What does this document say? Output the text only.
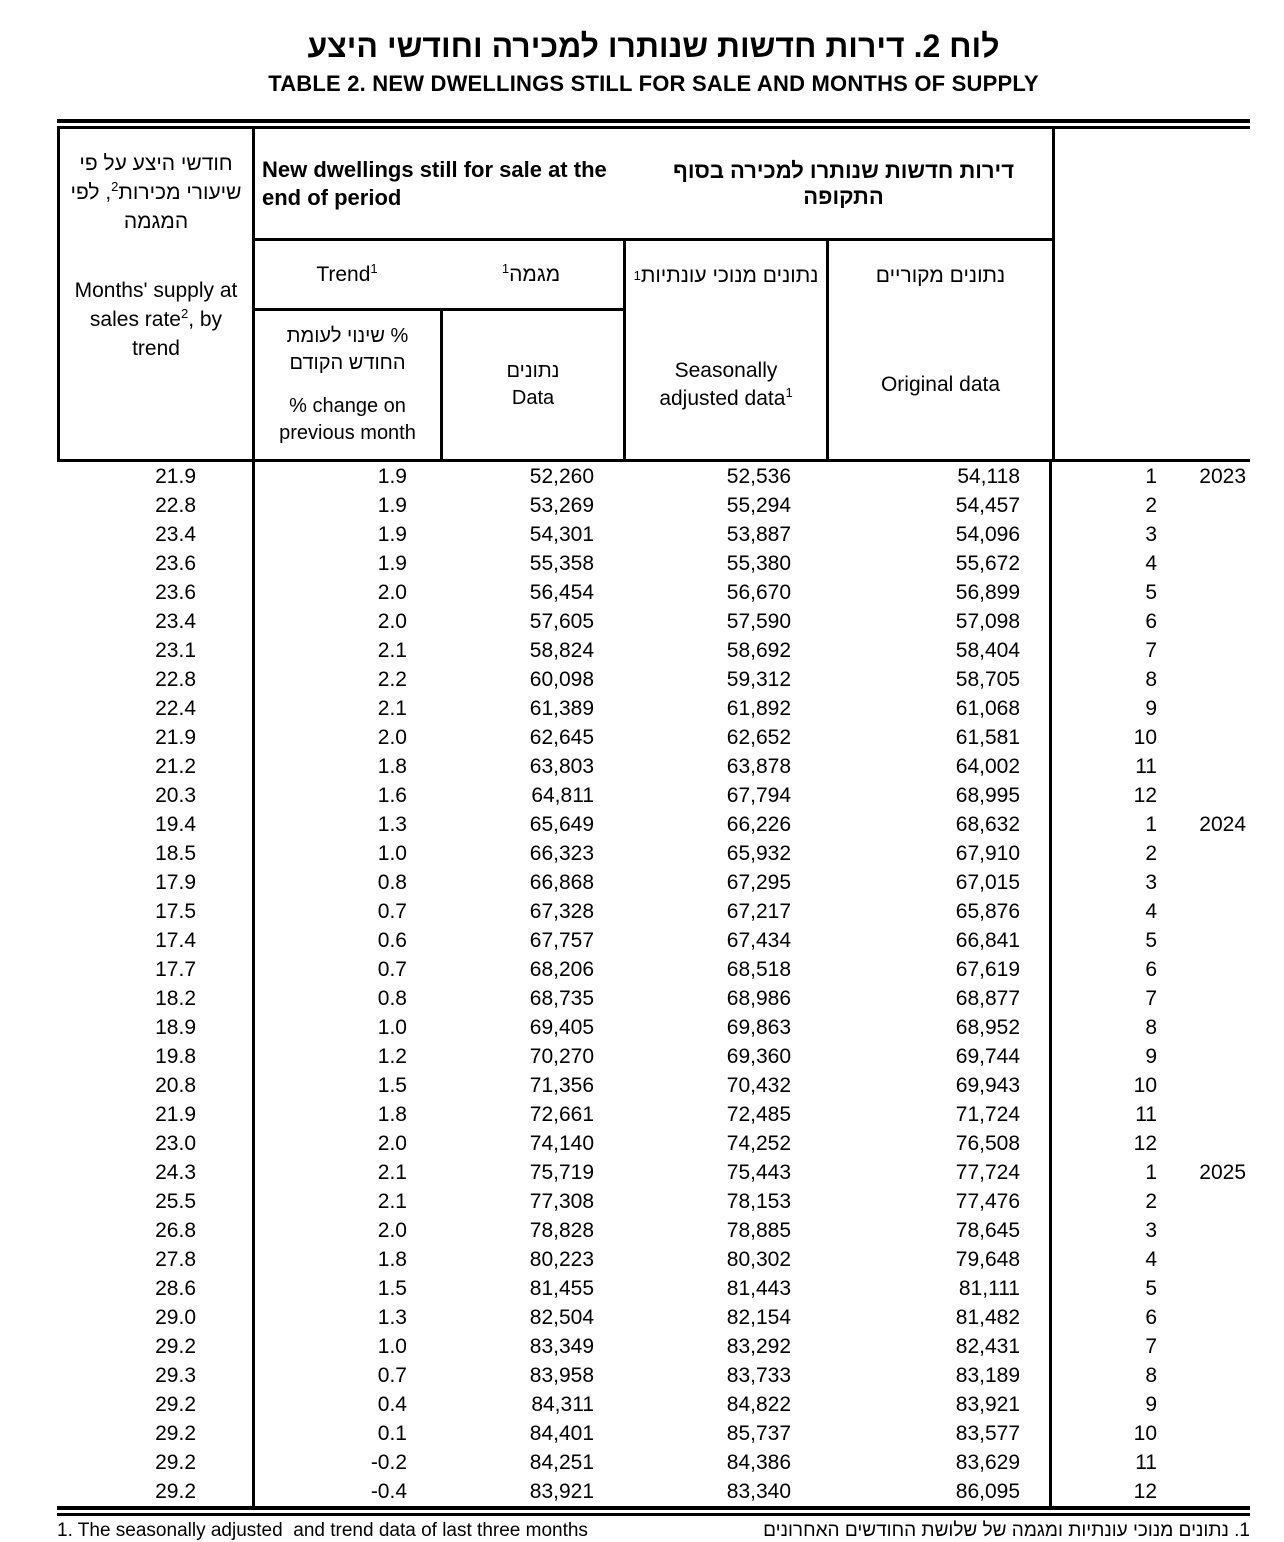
לוח 2. דירות חדשות שנותרו למכירה וחודשי היצע
TABLE 2. NEW DWELLINGS STILL FOR SALE AND MONTHS OF SUPPLY
חודשי היצע על פי שיעורי מכירות$^2$, לפי המגמה
Months' supply at sales rate$^2$, by trend
New dwellings still for sale at the end of period
דירות חדשות שנותרו למכירה בסוף התקופה
Trend$^1$	מגמה$^1$
% שינוי לעומת החודש הקודם
% change on previous month
נתונים
Data
נתונים מנוכי עונתיות
1
Seasonally adjusted data$^1$
נתונים מקוריים
Original data
21.9	1.9	52,260	52,536	54,118	1	2023
22.8	1.9	53,269	55,294	54,457	2
23.4	1.9	54,301	53,887	54,096	3
23.6	1.9	55,358	55,380	55,672	4
23.6	2.0	56,454	56,670	56,899	5
23.4	2.0	57,605	57,590	57,098	6
23.1	2.1	58,824	58,692	58,404	7
22.8	2.2	60,098	59,312	58,705	8
22.4	2.1	61,389	61,892	61,068	9
21.9	2.0	62,645	62,652	61,581	10
21.2	1.8	63,803	63,878	64,002	11
20.3	1.6	64,811	67,794	68,995	12
19.4	1.3	65,649	66,226	68,632	1	2024
18.5	1.0	66,323	65,932	67,910	2
17.9	0.8	66,868	67,295	67,015	3
17.5	0.7	67,328	67,217	65,876	4
17.4	0.6	67,757	67,434	66,841	5
17.7	0.7	68,206	68,518	67,619	6
18.2	0.8	68,735	68,986	68,877	7
18.9	1.0	69,405	69,863	68,952	8
19.8	1.2	70,270	69,360	69,744	9
20.8	1.5	71,356	70,432	69,943	10
21.9	1.8	72,661	72,485	71,724	11
23.0	2.0	74,140	74,252	76,508	12
24.3	2.1	75,719	75,443	77,724	1	2025
25.5	2.1	77,308	78,153	77,476	2
26.8	2.0	78,828	78,885	78,645	3
27.8	1.8	80,223	80,302	79,648	4
28.6	1.5	81,455	81,443	81,111	5
29.0	1.3	82,504	82,154	81,482	6
29.2	1.0	83,349	83,292	82,431	7
29.3	0.7	83,958	83,733	83,189	8
29.2	0.4	84,311	84,822	83,921	9
29.2	0.1	84,401	85,737	83,577	10
29.2	-0.2	84,251	84,386	83,629	11
29.2	-0.4	83,921	83,340	86,095	12
1. The seasonally adjusted  and trend data of last three months	1. נתונים מנוכי עונתיות ומגמה של שלושת החודשים האחרונים
